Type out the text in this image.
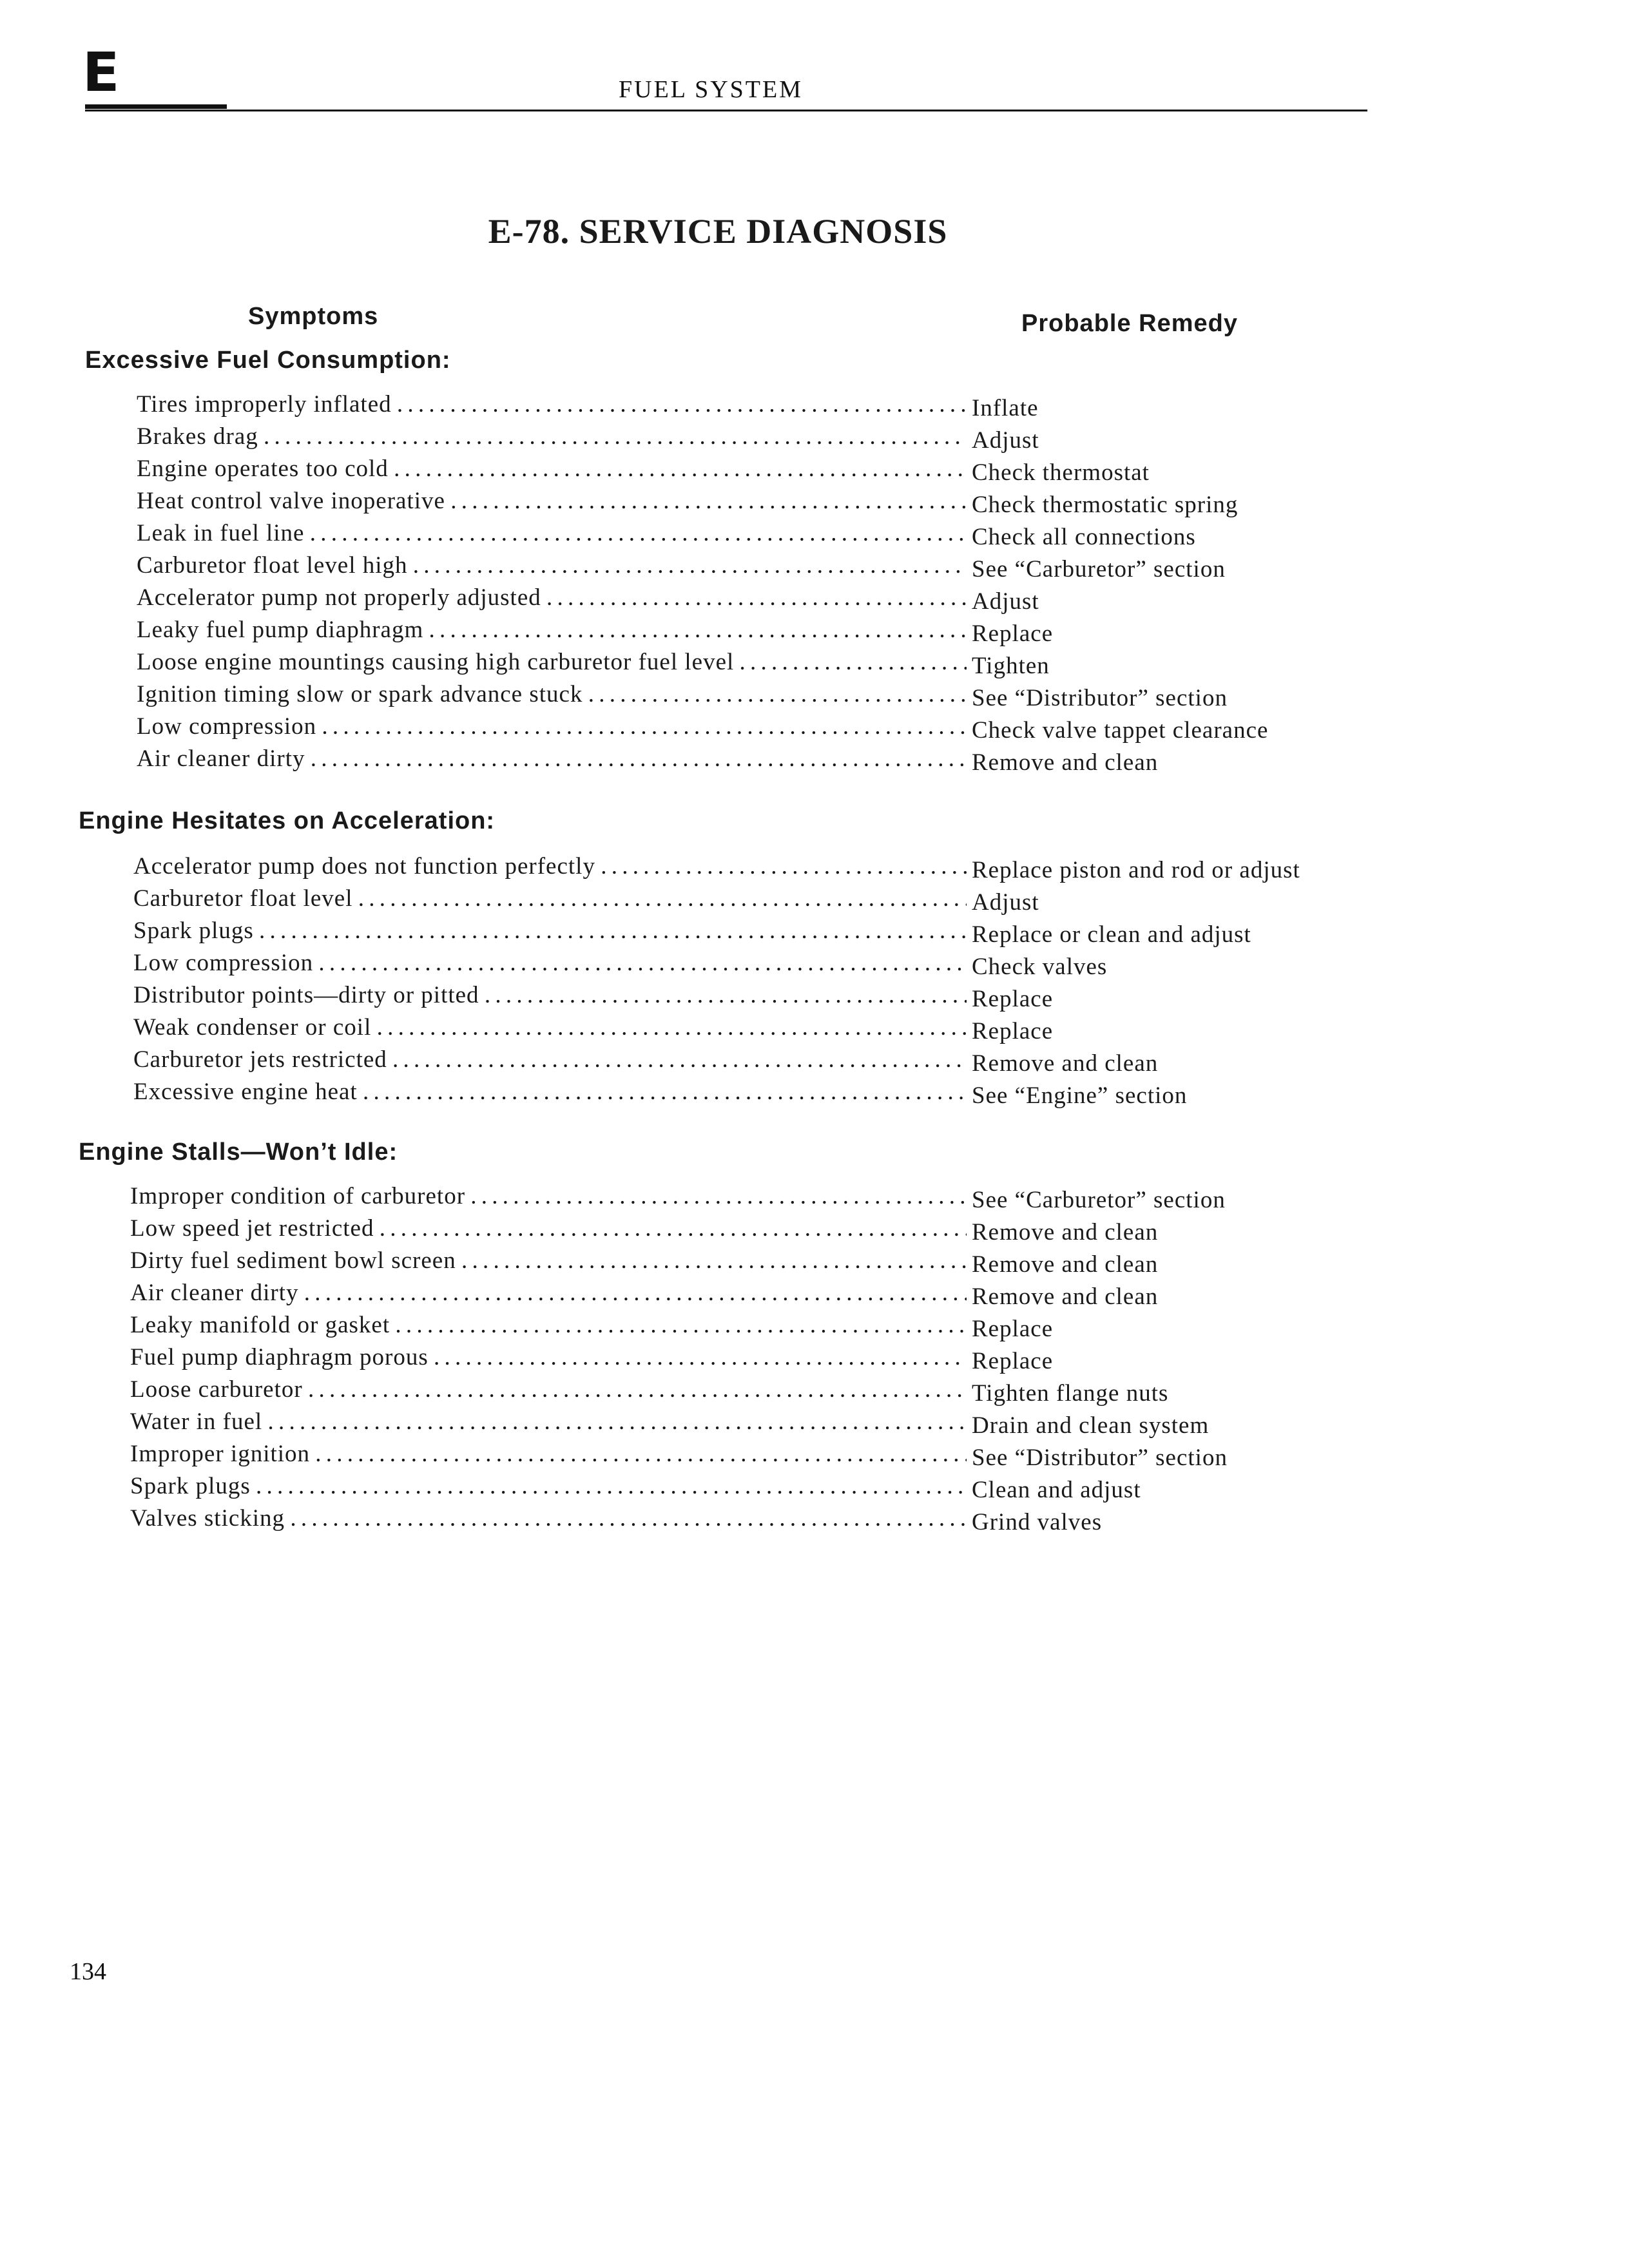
E	FUEL SYSTEM
E-78. SERVICE DIAGNOSIS
Symptoms	Probable Remedy
Excessive Fuel Consumption:
Tires improperly inflated . . .	Inflate
Brakes drag . . .	Adjust
Engine operates too cold . . .	Check thermostat
Heat control valve inoperative . . .	Check thermostatic spring
Leak in fuel line . . .	Check all connections
Carburetor float level high . . .	See “Carburetor” section
Accelerator pump not properly adjusted . . .	Adjust
Leaky fuel pump diaphragm . . .	Replace
Loose engine mountings causing high carburetor fuel level . . .	Tighten
Ignition timing slow or spark advance stuck . . .	See “Distributor” section
Low compression . . .	Check valve tappet clearance
Air cleaner dirty . . .	Remove and clean
Engine Hesitates on Acceleration:
Accelerator pump does not function perfectly . . .	Replace piston and rod or adjust
Carburetor float level . . .	Adjust
Spark plugs . . .	Replace or clean and adjust
Low compression . . .	Check valves
Distributor points—dirty or pitted . . .	Replace
Weak condenser or coil . . .	Replace
Carburetor jets restricted . . .	Remove and clean
Excessive engine heat . . .	See “Engine” section
Engine Stalls—Won’t Idle:
Improper condition of carburetor . . .	See “Carburetor” section
Low speed jet restricted . . .	Remove and clean
Dirty fuel sediment bowl screen . . .	Remove and clean
Air cleaner dirty . . .	Remove and clean
Leaky manifold or gasket . . .	Replace
Fuel pump diaphragm porous . . .	Replace
Loose carburetor . . .	Tighten flange nuts
Water in fuel . . .	Drain and clean system
Improper ignition . . .	See “Distributor” section
Spark plugs . . .	Clean and adjust
Valves sticking . . .	Grind valves
134
